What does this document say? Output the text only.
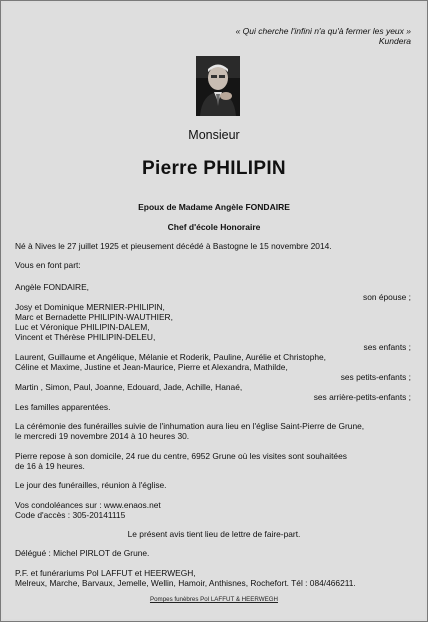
« Qui cherche l'infini n'a qu'à fermer les yeux »
Kundera
Monsieur
Pierre PHILIPIN
Epoux de Madame Angèle FONDAIRE
Chef d'école Honoraire
Né à Nives le 27 juillet 1925 et pieusement décédé à Bastogne le 15 novembre 2014.
Vous en font part:
Angèle FONDAIRE,
son épouse ;
Josy et Dominique MERNIER-PHILIPIN,
Marc et Bernadette PHILIPIN-WAUTHIER,
Luc et Véronique PHILIPIN-DALEM,
Vincent et Thérèse PHILIPIN-DELEU,
ses enfants ;
Laurent, Guillaume et Angélique, Mélanie et Roderik, Pauline, Aurélie et Christophe,
Céline et Maxime, Justine et Jean-Maurice, Pierre et Alexandra, Mathilde,
ses petits-enfants ;
Martin , Simon, Paul, Joanne, Edouard, Jade, Achille, Hanaé,
ses arrière-petits-enfants ;
Les familles apparentées.
La cérémonie des funérailles suivie de l'inhumation aura lieu en l'église Saint-Pierre de Grune,
le mercredi 19 novembre 2014 à 10 heures 30.
Pierre repose à son domicile, 24 rue du centre, 6952 Grune où les visites sont souhaitées
de 16 à 19 heures.
Le jour des funérailles, réunion à l'église.
Vos condoléances sur : www.enaos.net
Code d'accès : 305-20141115
Le présent avis tient lieu de lettre de faire-part.
Délégué : Michel PIRLOT de Grune.
P.F. et funérariums Pol LAFFUT et HEERWEGH,
Melreux, Marche, Barvaux, Jemelle, Wellin, Hamoir, Anthisnes, Rochefort. Tél : 084/466211.
Pompes funèbres Pol LAFFUT & HEERWEGH
